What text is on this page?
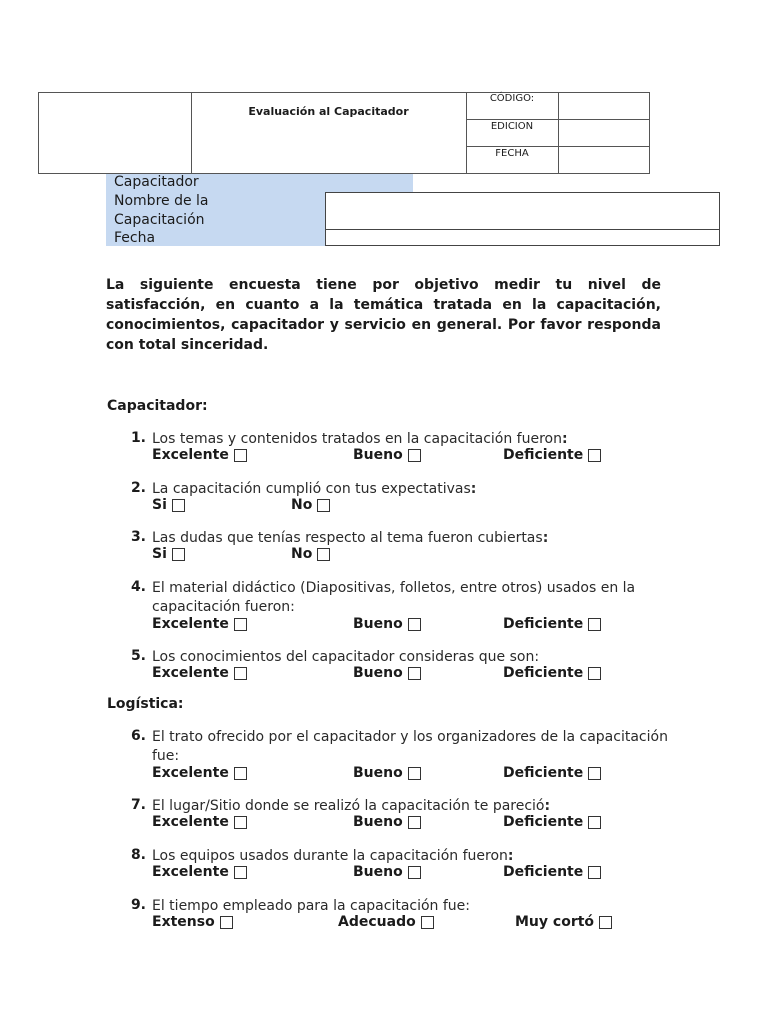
Evaluación al Capacitador
CÓDIGO:
EDICION
FECHA
Capacitador
Nombre de la
Capacitación
Fecha
La siguiente encuesta tiene por objetivo medir tu nivel de satisfacción, en cuanto a la temática tratada en la capacitación, conocimientos, capacitador y servicio en general. Por favor responda con total sinceridad.
Capacitador:
Logística:
1. Los temas y contenidos tratados en la capacitación fueron:
Excelente	Bueno	Deficiente
2. La capacitación cumplió con tus expectativas:
Si	No
3. Las dudas que tenías respecto al tema fueron cubiertas:
Si	No
4. El material didáctico (Diapositivas, folletos, entre otros) usados en la
capacitación fueron:
Excelente	Bueno	Deficiente
5. Los conocimientos del capacitador consideras que son:
Excelente	Bueno	Deficiente
6. El trato ofrecido por el capacitador y los organizadores de la capacitación
fue:
Excelente	Bueno	Deficiente
7. El lugar/Sitio donde se realizó la capacitación te pareció:
Excelente	Bueno	Deficiente
8. Los equipos usados durante la capacitación fueron:
Excelente	Bueno	Deficiente
9. El tiempo empleado para la capacitación fue:
Extenso	Adecuado	Muy cortó
